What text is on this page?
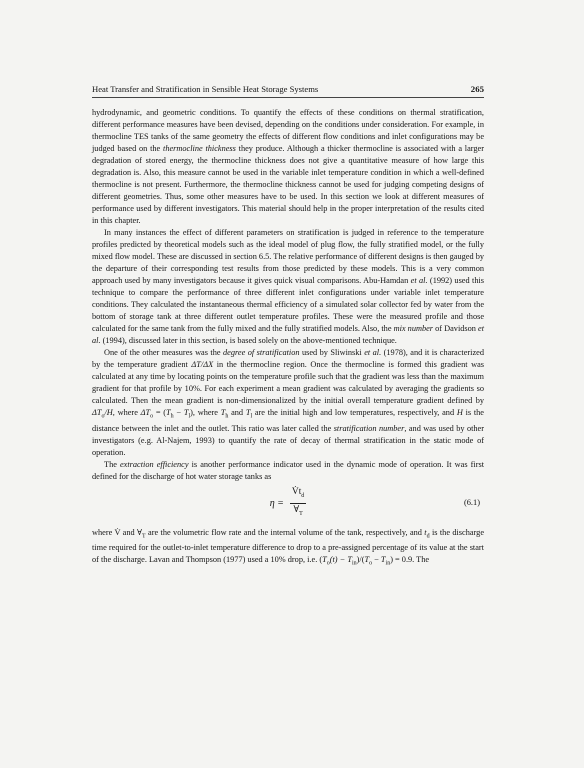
Heat Transfer and Stratification in Sensible Heat Storage Systems	265

hydrodynamic, and geometric conditions. To quantify the effects of these conditions on thermal stratification, different performance measures have been devised, depending on the conditions under consideration. For example, in thermocline TES tanks of the same geometry the effects of different flow conditions and inlet configurations may be judged based on the thermocline thickness they produce. Although a thicker thermocline is associated with a larger degradation of stored energy, the thermocline thickness does not give a quantitative measure of how large this degradation is. Also, this measure cannot be used in the variable inlet temperature condition in which a well-defined thermocline is not present. Furthermore, the thermocline thickness cannot be used for judging competing designs of different geometries. Thus, some other measures have to be used. In this section we look at different measures of performance used by different investigators. This material should help in the proper interpretation of the results cited in this chapter.

In many instances the effect of different parameters on stratification is judged in reference to the temperature profiles predicted by theoretical models such as the ideal model of plug flow, the fully stratified model, or the fully mixed flow model. These are discussed in section 6.5. The relative performance of different designs is then gauged by the departure of their corresponding test results from those predicted by these models. This is a very common approach used by many investigators because it gives quick visual comparisons. Abu-Hamdan et al. (1992) used this technique to compare the performance of three different inlet configurations under variable inlet temperature conditions. They calculated the instantaneous thermal efficiency of a simulated solar collector fed by water from the bottom of storage tank at three different outlet temperature profiles. These were the measured profile and those calculated for the same tank from the fully mixed and the fully stratified models. Also, the mix number of Davidson et al. (1994), discussed later in this section, is based solely on the above-mentioned technique.

One of the other measures was the degree of stratification used by Sliwinski et al. (1978), and it is characterized by the temperature gradient ΔT/ΔX in the thermocline region. Once the thermocline is formed this gradient was calculated at any time by locating points on the temperature profile such that the gradient was less than the maximum gradient for that profile by 10%. For each experiment a mean gradient was calculated by averaging the gradients so calculated. Then the mean gradient is non-dimensionalized by the initial overall temperature gradient defined by $\Delta T_o/H$, where $\Delta T_o = (T_h - T_l)$, where $T_h$ and $T_l$ are the initial high and low temperatures, respectively, and H is the distance between the inlet and the outlet. This ratio was later called the stratification number, and was used by other investigators (e.g. Al-Najem, 1993) to quantify the rate of decay of thermal stratification in the static mode of operation.

The extraction efficiency is another performance indicator used in the dynamic mode of operation. It was first defined for the discharge of hot water storage tanks as

$\eta = \frac{V̇t_d}{\forall_T}$	(6.1)

where V̇ and $\forall_T$ are the volumetric flow rate and the internal volume of the tank, respectively, and $t_d$ is the discharge time required for the outlet-to-inlet temperature difference to drop to a pre-assigned percentage of its value at the start of the discharge. Lavan and Thompson (1977) used a 10% drop, i.e. $(T_o(t) - T_{in})/(T_o - T_{in}) = 0.9$. The
